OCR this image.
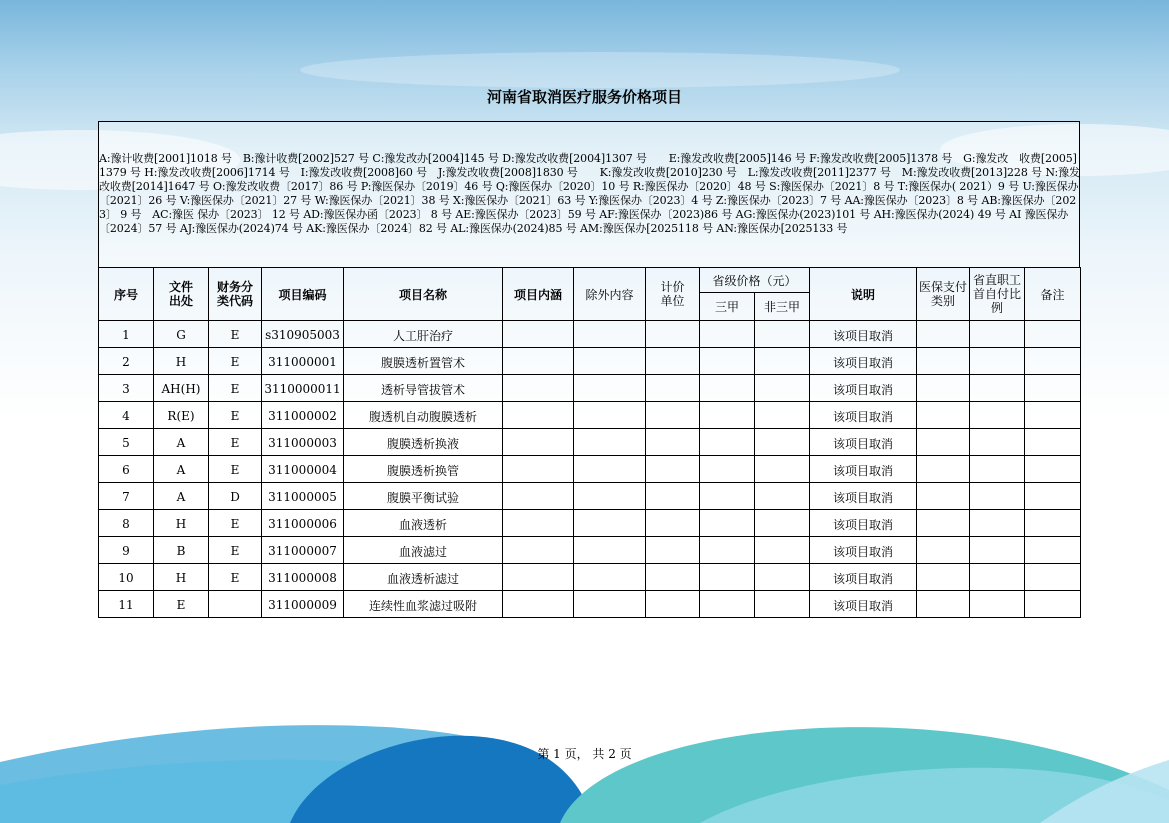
河南省取消医疗服务价格项目
A:豫计收费[2001]1018 号　B:豫计收费[2002]527 号 C:豫发改办[2004]145 号 D:豫发改收费[2004]1307 号　　E:豫发改收费[2005]146 号 F:豫发改收费[2005]1378 号　G:豫发改　收费[2005]1379 号 H:豫发改收费[2006]1714 号　I:豫发改收费[2008]60 号　J:豫发改收费[2008]1830 号　　K:豫发改收费[2010]230 号　L:豫发改收费[2011]2377 号　M:豫发改收费[2013]228 号 N:豫发改收费[2014]1647 号 O:豫发改收费〔2017〕86 号 P:豫医保办〔2019〕46 号 Q:豫医保办〔2020〕10 号 R:豫医保办〔2020〕48 号 S:豫医保办〔2021〕8 号 T:豫医保办( 2021）9 号 U:豫医保办〔2021〕26 号 V:豫医保办〔2021〕27 号 W:豫医保办〔2021〕38 号 X:豫医保办〔2021〕63 号 Y:豫医保办〔2023〕4 号 Z:豫医保办〔2023〕7 号 AA:豫医保办〔2023〕8 号 AB:豫医保办〔2023〕 9 号　AC:豫医 保办〔2023〕 12 号 AD:豫医保办函〔2023〕 8 号 AE:豫医保办〔2023〕59 号 AF:豫医保办〔2023)86 号 AG:豫医保办(2023)101 号 AH:豫医保办(2024) 49 号 AI 豫医保办〔2024〕57 号 AJ:豫医保办(2024)74 号 AK:豫医保办〔2024〕82 号 AL:豫医保办(2024)85 号 AM:豫医保办[2025118 号 AN:豫医保办[2025133 号
序号	文件出处	财务分类代码	项目编码	项目名称	项目内涵	除外内容	计价单位	省级价格（元）		说明	医保支付类别	省直职工首自付比例	备注
								三甲	非三甲				
1	G	E	s310905003	人工肝治疗						该项目取消			
2	H	E	311000001	腹膜透析置管术						该项目取消			
3	AH(H)	E	3110000011	透析导管拔管术						该项目取消			
4	R(E)	E	311000002	腹透机自动腹膜透析						该项目取消			
5	A	E	311000003	腹膜透析换液						该项目取消			
6	A	E	311000004	腹膜透析换管						该项目取消			
7	A	D	311000005	腹膜平衡试验						该项目取消			
8	H	E	311000006	血液透析						该项目取消			
9	B	E	311000007	血液滤过						该项目取消			
10	H	E	311000008	血液透析滤过						该项目取消			
11	E		311000009	连续性血浆滤过吸附						该项目取消			
第 1 页， 共 2 页
